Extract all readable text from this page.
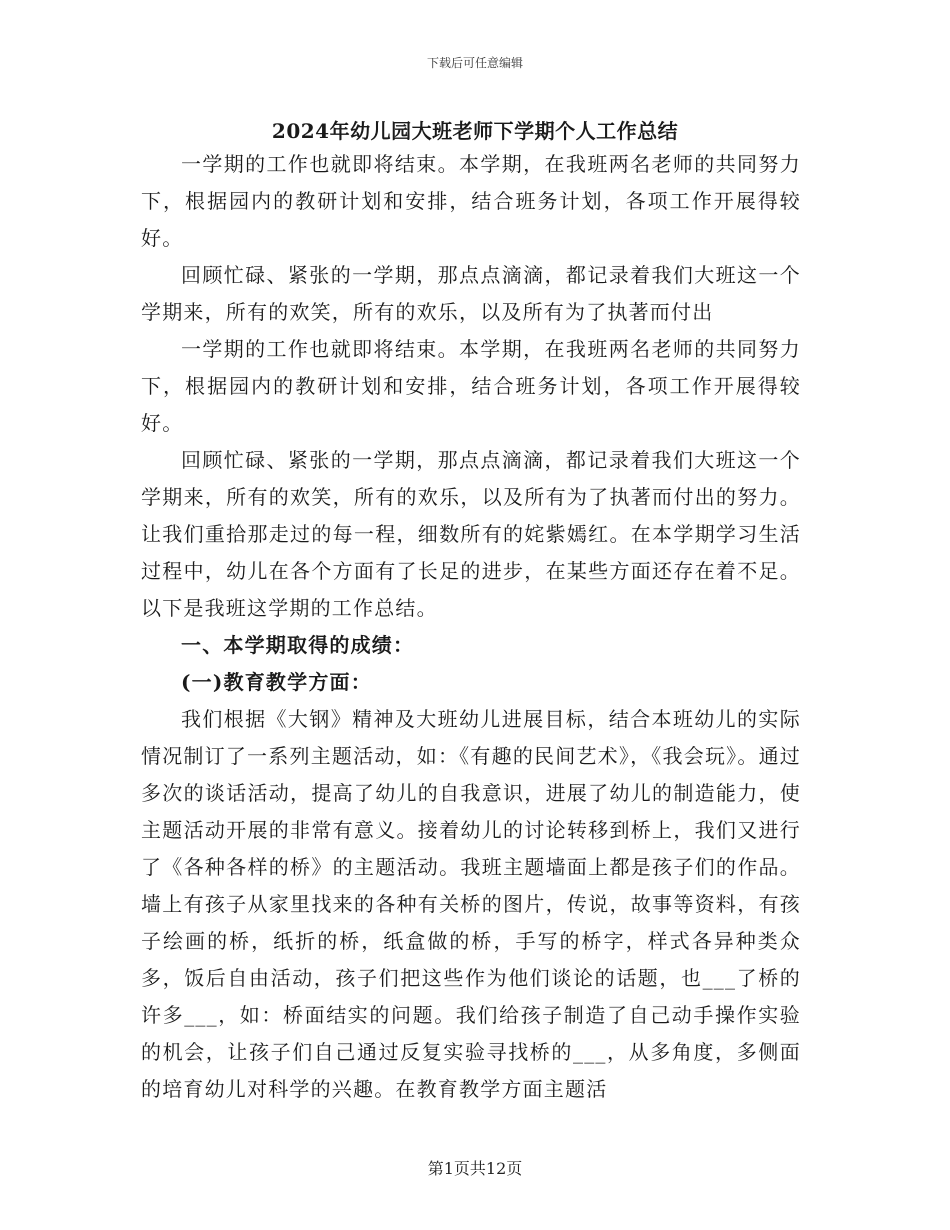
下载后可任意编辑
2024年幼儿园大班老师下学期个人工作总结

一学期的工作也就即将结束。本学期，在我班两名老师的共同努力下，根据园内的教研计划和安排，结合班务计划，各项工作开展得较好。

回顾忙碌、紧张的一学期，那点点滴滴，都记录着我们大班这一个学期来，所有的欢笑，所有的欢乐，以及所有为了执著而付出

一学期的工作也就即将结束。本学期，在我班两名老师的共同努力下，根据园内的教研计划和安排，结合班务计划，各项工作开展得较好。

回顾忙碌、紧张的一学期，那点点滴滴，都记录着我们大班这一个学期来，所有的欢笑，所有的欢乐，以及所有为了执著而付出的努力。让我们重拾那走过的每一程，细数所有的姹紫嫣红。在本学期学习生活过程中，幼儿在各个方面有了长足的进步，在某些方面还存在着不足。以下是我班这学期的工作总结。

一、本学期取得的成绩：

(一)教育教学方面：

我们根据《大钢》精神及大班幼儿进展目标，结合本班幼儿的实际情况制订了一系列主题活动，如：《有趣的民间艺术》，《我会玩》。通过多次的谈话活动，提高了幼儿的自我意识，进展了幼儿的制造能力，使主题活动开展的非常有意义。接着幼儿的讨论转移到桥上，我们又进行了《各种各样的桥》的主题活动。我班主题墙面上都是孩子们的作品。墙上有孩子从家里找来的各种有关桥的图片，传说，故事等资料，有孩子绘画的桥，纸折的桥，纸盒做的桥，手写的桥字，样式各异种类众多，饭后自由活动，孩子们把这些作为他们谈论的话题，也___了桥的许多___，如：桥面结实的问题。我们给孩子制造了自己动手操作实验的机会，让孩子们自己通过反复实验寻找桥的___，从多角度，多侧面的培育幼儿对科学的兴趣。在教育教学方面主题活

第1页共12页
